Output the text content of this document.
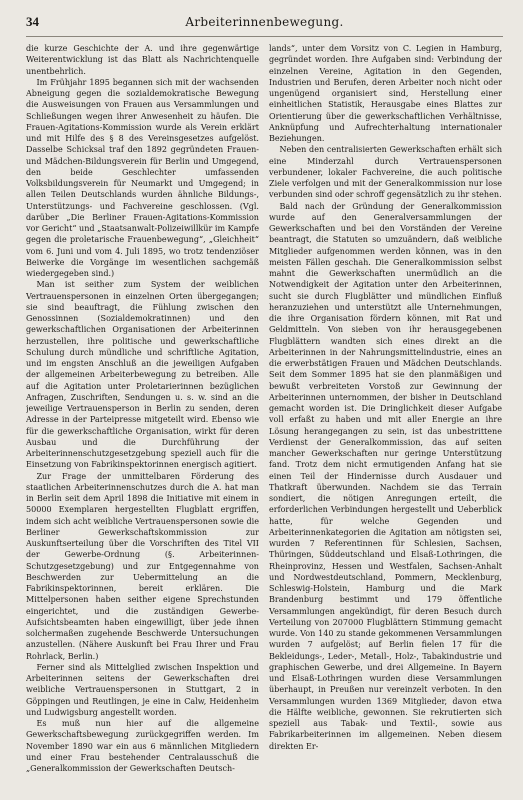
34	Arbeiterinnenbewegung.

die kurze Geschichte der A. und ihre gegenwärtige Weiterentwicklung ist das Blatt als Nachrichtenquelle unentbehrlich.

Im Frühjahr 1895 begannen sich mit der wachsenden Abneigung gegen die sozialdemokratische Bewegung die Ausweisungen von Frauen aus Versammlungen und Schließungen wegen ihrer Anwesenheit zu häufen. Die Frauen-Agitations-Kommission wurde als Verein erklärt und mit Hilfe des § 8 des Vereinsgesetzes aufgelöst. Dasselbe Schicksal traf den 1892 gegründeten Frauen- und Mädchen-Bildungsverein für Berlin und Umgegend, den beide Geschlechter umfassenden Volksbildungsverein für Neumarkt und Umgegend; in allen Teilen Deutschlands wurden ähnliche Bildungs-, Unterstützungs- und Fachvereine geschlossen. (Vgl. darüber „Die Berliner Frauen-Agitations-Kommission vor Gericht“ und „Staatsanwalt-Polizeiwillkür im Kampfe gegen die proletarische Frauenbewegung“, „Gleichheit“ vom 6. Juni und vom 4. Juli 1895, wo trotz tendenziöser Beiwerke die Vorgänge im wesentlichen sachgemäß wiedergegeben sind.)

Man ist seither zum System der weiblichen Vertrauenspersonen in einzelnen Orten übergegangen; sie sind beauftragt, die Fühlung zwischen den Genossinnen (Sozialdemokratinnen) und den gewerkschaftlichen Organisationen der Arbeiterinnen herzustellen, ihre politische und gewerkschaftliche Schulung durch mündliche und schriftliche Agitation, und im engsten Anschluß an die jeweiligen Aufgaben der allgemeinen Arbeiterbewegung zu betreiben. Alle auf die Agitation unter Proletarierinnen bezüglichen Anfragen, Zuschriften, Sendungen u. s. w. sind an die jeweilige Vertrauensperson in Berlin zu senden, deren Adresse in der Parteipresse mitgeteilt wird. Ebenso wie für die gewerkschaftliche Organisation, wirkt für deren Ausbau und die Durchführung der Arbeiterinnenschutzgesetzgebung speziell auch für die Einsetzung von Fabrikinspektorinnen energisch agitiert.

Zur Frage der unmittelbaren Förderung des staatlichen Arbeiterinnenschutzes durch die A. hat man in Berlin seit dem April 1898 die Initiative mit einem in 50000 Exemplaren hergestellten Flugblatt ergriffen, indem sich acht weibliche Vertrauenspersonen sowie die Berliner Gewerkschaftskommission zur Auskunftserteilung über die Vorschriften des Titel VII der Gewerbe-Ordnung (§. Arbeiterinnen-Schutzgesetzgebung) und zur Entgegennahme von Beschwerden zur Uebermittelung an die Fabrikinspektorinnen, bereit erklären. Die Mittelpersonen haben seither eigene Sprechstunden eingerichtet, und die zuständigen Gewerbe-Aufsichtsbeamten haben eingewilligt, über jede ihnen solchermaßen zugehende Beschwerde Untersuchungen anzustellen. (Nähere Auskunft bei Frau Ihrer und Frau Rohrlack, Berlin.)

Ferner sind als Mittelglied zwischen Inspektion und Arbeiterinnen seitens der Gewerkschaften drei weibliche Vertrauenspersonen in Stuttgart, 2 in Göppingen und Reutlingen, je eine in Calw, Heidenheim und Ludwigsburg angestellt worden.

Es muß nun hier auf die allgemeine Gewerkschaftsbewegung zurückgegriffen werden. Im November 1890 war ein aus 6 männlichen Mitgliedern und einer Frau bestehender Centralausschuß die „Generalkommission der Gewerkschaften Deutsch-

lands“, unter dem Vorsitz von C. Legien in Hamburg, gegründet worden. Ihre Aufgaben sind: Verbindung der einzelnen Vereine, Agitation in den Gegenden, Industrien und Berufen, deren Arbeiter noch nicht oder ungenügend organisiert sind, Herstellung einer einheitlichen Statistik, Herausgabe eines Blattes zur Orientierung über die gewerkschaftlichen Verhältnisse, Anknüpfung und Aufrechterhaltung internationaler Beziehungen.

Neben den centralisierten Gewerkschaften erhält sich eine Minderzahl durch Vertrauenspersonen verbundener, lokaler Fachvereine, die auch politische Ziele verfolgen und mit der Generalkommission nur lose verbunden sind oder schroff gegensätzlich zu ihr stehen.

Bald nach der Gründung der Generalkommission wurde auf den Generalversammlungen der Gewerkschaften und bei den Vorständen der Vereine beantragt, die Statuten so umzuändern, daß weibliche Mitglieder aufgenommen werden können, was in den meisten Fällen geschah. Die Generalkommission selbst mahnt die Gewerkschaften unermüdlich an die Notwendigkeit der Agitation unter den Arbeiterinnen, sucht sie durch Flugblätter und mündlichen Einfluß heranzuziehen und unterstützt alle Unternehmungen, die ihre Organisation fördern können, mit Rat und Geldmitteln. Von sieben von ihr herausgegebenen Flugblättern wandten sich eines direkt an die Arbeiterinnen in der Nahrungsmittelindustrie, eines an die erwerbstätigen Frauen und Mädchen Deutschlands. Seit dem Sommer 1895 hat sie den planmäßigen und bewußt verbreiteten Vorstoß zur Gewinnung der Arbeiterinnen unternommen, der bisher in Deutschland gemacht worden ist. Die Dringlichkeit dieser Aufgabe voll erfaßt zu haben und mit aller Energie an ihre Lösung herangegangen zu sein, ist das unbestrittene Verdienst der Generalkommission, das auf seiten mancher Gewerkschaften nur geringe Unterstützung fand. Trotz dem nicht ermutigenden Anfang hat sie einen Teil der Hindernisse durch Ausdauer und Thatkraft überwunden. Nachdem sie das Terrain sondiert, die nötigen Anregungen erteilt, die erforderlichen Verbindungen hergestellt und Ueberblick hatte, für welche Gegenden und Arbeiterinnenkategorien die Agitation am nötigsten sei, wurden 7 Referentinnen für Schlesien, Sachsen, Thüringen, Süddeutschland und Elsaß-Lothringen, die Rheinprovinz, Hessen und Westfalen, Sachsen-Anhalt und Nordwestdeutschland, Pommern, Mecklenburg, Schleswig-Holstein, Hamburg und die Mark Brandenburg bestimmt und 179 öffentliche Versammlungen angekündigt, für deren Besuch durch Verteilung von 207000 Flugblättern Stimmung gemacht wurde. Von 140 zu stande gekommenen Versammlungen wurden 7 aufgelöst; auf Berlin fielen 17 für die Bekleidungs-, Leder-, Metall-, Holz-, Tabakindustrie und graphischen Gewerbe, und drei Allgemeine. In Bayern und Elsaß-Lothringen wurden diese Versammlungen überhaupt, in Preußen nur vereinzelt verboten. In den Versammlungen wurden 1369 Mitglieder, davon etwa die Hälfte weibliche, gewonnen. Sie rekrutierten sich speziell aus Tabak- und Textil-, sowie aus Fabrikarbeiterinnen im allgemeinen. Neben diesem direkten Er-
